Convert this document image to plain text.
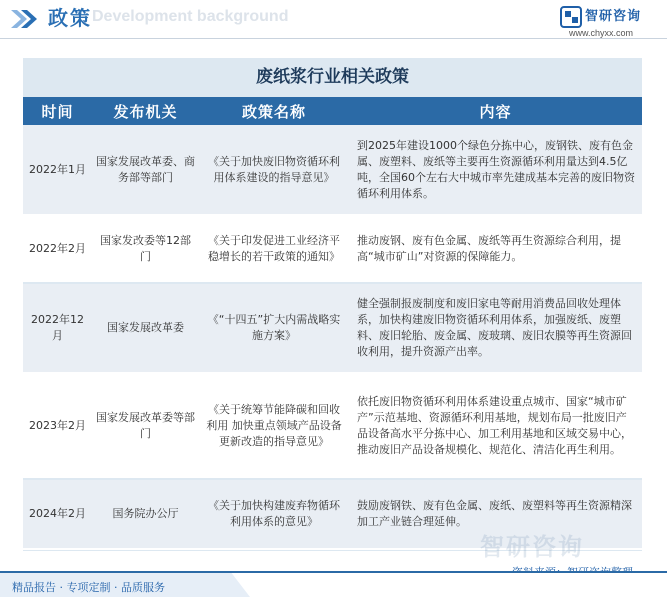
Development background
政策	智研咨询
www.chyxx.com
废纸浆行业相关政策
时间	发布机关	政策名称	内容
2022年1月	国家发展改革委、商务部等部门	《关于加快废旧物资循环利用体系建设的指导意见》	到2025年建设1000个绿色分拣中心，废钢铁、废有色金属、废塑料、废纸等主要再生资源循环利用量达到4.5亿吨，全国60个左右大中城市率先建成基本完善的废旧物资循环利用体系。
2022年2月	国家发改委等12部门	《关于印发促进工业经济平稳增长的若干政策的通知》	推动废钢、废有色金属、废纸等再生资源综合利用，提高“城市矿山”对资源的保障能力。
2022年12月	国家发展改革委	《“十四五”扩大内需战略实施方案》	健全强制报废制度和废旧家电等耐用消费品回收处理体系，加快构建废旧物资循环利用体系，加强废纸、废塑料、废旧轮胎、废金属、废玻璃、废旧农膜等再生资源回收利用，提升资源产出率。
2023年2月	国家发展改革委等部门	《关于统筹节能降碳和回收利用 加快重点领域产品设备更新改造的指导意见》	依托废旧物资循环利用体系建设重点城市、国家“城市矿产”示范基地、资源循环利用基地，规划布局一批废旧产品设备高水平分拣中心、加工利用基地和区域交易中心，推动废旧产品设备规模化、规范化、清洁化再生利用。
2024年2月	国务院办公厅	《关于加快构建废弃物循环利用体系的意见》	鼓励废钢铁、废有色金属、废纸、废塑料等再生资源精深加工产业链合理延伸。
智研咨询
精品报告 · 专项定制 · 品质服务
